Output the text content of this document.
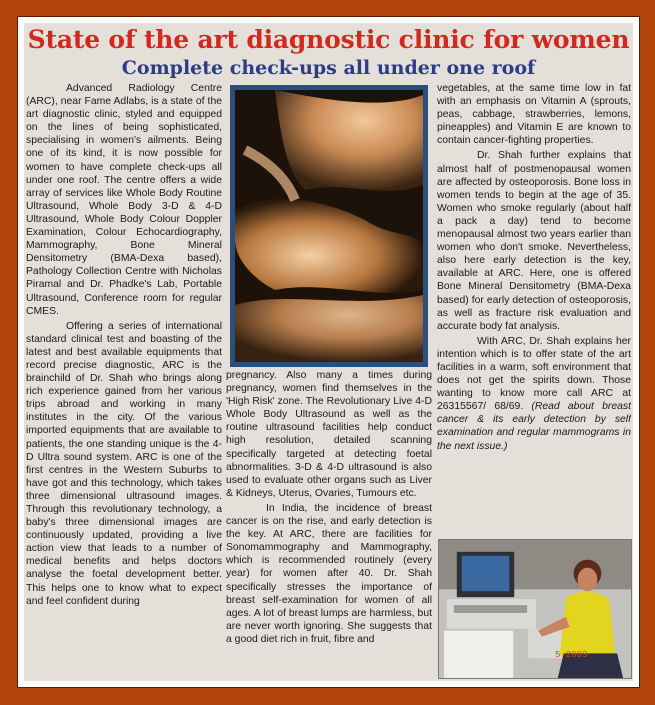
State of the art diagnostic clinic for women
Complete check-ups all under one roof

Advanced Radiology Centre (ARC), near Fame Adlabs, is a state of the art diagnostic clinic, styled and equipped on the lines of being sophisticated, specialising in women's ailments. Being one of its kind, it is now possible for women to have complete check-ups all under one roof. The centre offers a wide array of services like Whole Body Routine Ultrasound, Whole Body 3-D & 4-D Ultrasound, Whole Body Colour Doppler Examination, Colour Echocardiography, Mammography, Bone Mineral Densitometry (BMA-Dexa based), Pathology Collection Centre with Nicholas Piramal and Dr. Phadke's Lab, Portable Ultrasound, Conference room for regular CMES.

Offering a series of international standard clinical test and boasting of the latest and best available equipments that record precise diagnostic, ARC is the brainchild of Dr. Shah who brings along rich experience gained from her various trips abroad and working in many institutes in the city. Of the various imported equipments that are available to patients, the one standing unique is the 4-D Ultra sound system. ARC is one of the first centres in the Western Suburbs to have got and this technology, which takes three dimensional ultrasound images. Through this revolutionary technology, a baby's three dimensional images are continuously updated, providing a live action view that leads to a number of medical benefits and helps doctors analyse the foetal development better. This helps one to know what to expect and feel confident during

pregnancy. Also many a times during pregnancy, women find themselves in the 'High Risk' zone. The Revolutionary Live 4-D Whole Body Ultrasound as well as the routine ultrasound facilities help conduct high resolution, detailed scanning specifically targeted at detecting foetal abnormalities. 3-D & 4-D ultrasound is also used to evaluate other organs such as Liver & Kidneys, Uterus, Ovaries, Tumours etc.

In India, the incidence of breast cancer is on the rise, and early detection is the key. At ARC, there are facilities for Sonomammography and Mammography, which is recommended routinely (every year) for women after 40. Dr. Shah specifically stresses the importance of breast self-examination for women of all ages. A lot of breast lumps are harmless, but are never worth ignoring. She suggests that a good diet rich in fruit, fibre and

vegetables, at the same time low in fat with an emphasis on Vitamin A (sprouts, peas, cabbage, strawberries, lemons, pineapples) and Vitamin E are known to contain cancer-fighting properties.

Dr. Shah further explains that almost half of postmenopausal women are affected by osteoporosis. Bone loss in women tends to begin at the age of 35. Women who smoke regularly (about half a pack a day) tend to become menopausal almost two years earlier than women who don't smoke. Nevertheless, also here early detection is the key, available at ARC. Here, one is offered Bone Mineral Densitometry (BMA-Dexa based) for early detection of osteoporosis, as well as fracture risk evaluation and accurate body fat analysis.

With ARC, Dr. Shah explains her intention which is to offer state of the art facilities in a warm, soft environment that does not get the spirits down. Those wanting to know more call ARC at 26315567/ 68/69. (Read about breast cancer & its early detection by self examination and regular mammograms in the next issue.)

5 2003
